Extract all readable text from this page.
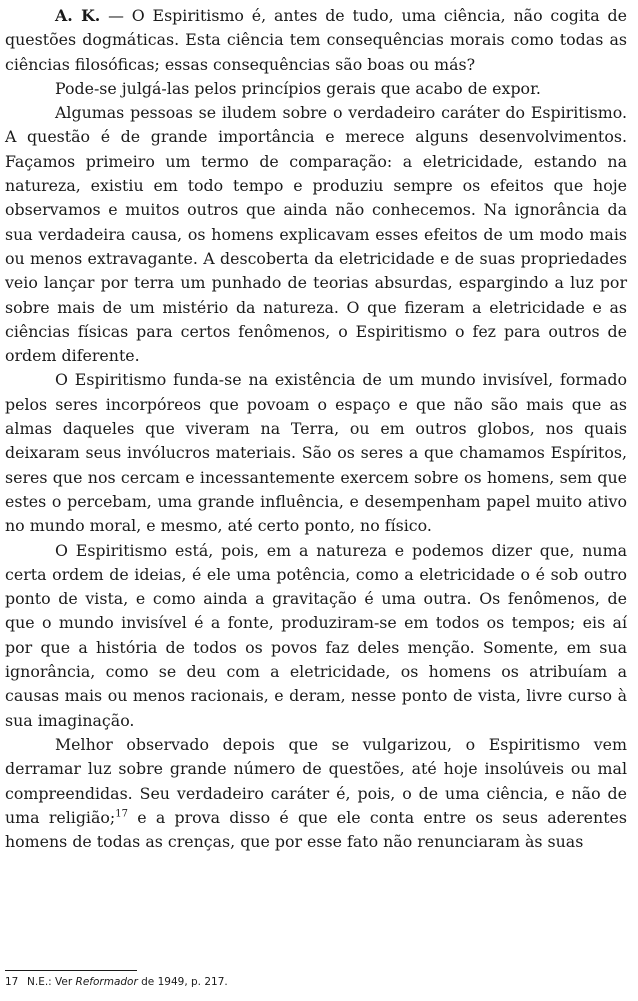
A. K. — O Espiritismo é, antes de tudo, uma ciência, não cogita de questões dogmáticas. Esta ciência tem consequências morais como todas as ciências filosóficas; essas consequências são boas ou más?

Pode-se julgá-las pelos princípios gerais que acabo de expor.

Algumas pessoas se iludem sobre o verdadeiro caráter do Espiritismo. A questão é de grande importância e merece alguns desenvolvimentos. Façamos primeiro um termo de comparação: a eletricidade, estando na natureza, existiu em todo tempo e produziu sempre os efeitos que hoje observamos e muitos outros que ainda não conhecemos. Na ignorância da sua verdadeira causa, os homens explicavam esses efeitos de um modo mais ou menos extravagante. A descoberta da eletricidade e de suas propriedades veio lançar por terra um punhado de teorias absurdas, espargindo a luz por sobre mais de um mistério da natureza. O que fizeram a eletricidade e as ciências físicas para certos fenômenos, o Espiritismo o fez para outros de ordem diferente.

O Espiritismo funda-se na existência de um mundo invisível, formado pelos seres incorpóreos que povoam o espaço e que não são mais que as almas daqueles que viveram na Terra, ou em outros globos, nos quais deixaram seus invólucros materiais. São os seres a que chamamos Espíritos, seres que nos cercam e incessantemente exercem sobre os homens, sem que estes o percebam, uma grande influência, e desempenham papel muito ativo no mundo moral, e mesmo, até certo ponto, no físico.

O Espiritismo está, pois, em a natureza e podemos dizer que, numa certa ordem de ideias, é ele uma potência, como a eletricidade o é sob outro ponto de vista, e como ainda a gravitação é uma outra. Os fenômenos, de que o mundo invisível é a fonte, produziram-se em todos os tempos; eis aí por que a história de todos os povos faz deles menção. Somente, em sua ignorância, como se deu com a eletricidade, os homens os atribuíam a causas mais ou menos racionais, e deram, nesse ponto de vista, livre curso à sua imaginação.

Melhor observado depois que se vulgarizou, o Espiritismo vem derramar luz sobre grande número de questões, até hoje insolúveis ou mal compreendidas. Seu verdadeiro caráter é, pois, o de uma ciência, e não de uma religião;$^{17}$ e a prova disso é que ele conta entre os seus aderentes homens de todas as crenças, que por esse fato não renunciaram às suas

17 N.E.: Ver Reformador de 1949, p. 217.
